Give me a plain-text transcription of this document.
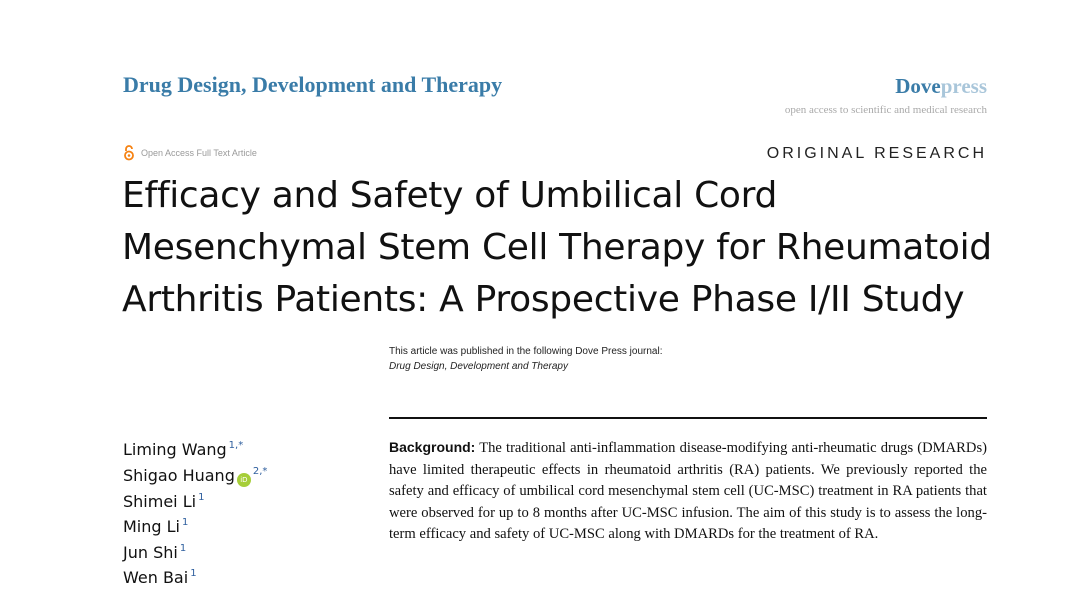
Drug Design, Development and Therapy	Dovepress
open access to scientific and medical research
Open Access Full Text Article	ORIGINAL RESEARCH
Efficacy and Safety of Umbilical Cord
Mesenchymal Stem Cell Therapy for Rheumatoid
Arthritis Patients: A Prospective Phase I/II Study
This article was published in the following Dove Press journal:
Drug Design, Development and Therapy
Liming Wang $^{1,*}$
Shigao Huang $iD^{2,*}$
Shimei Li $^1$
Ming Li $^1$
Jun Shi $^1$
Wen Bai $^1$

Background: The traditional anti-inflammation disease-modifying anti-rheumatic drugs (DMARDs) have limited therapeutic effects in rheumatoid arthritis (RA) patients. We previously reported the safety and efficacy of umbilical cord mesenchymal stem cell (UC-MSC) treatment in RA patients that were observed for up to 8 months after UC-MSC infusion. The aim of this study is to assess the long-term efficacy and safety of UC-MSC along with DMARDs for the treatment of RA.
